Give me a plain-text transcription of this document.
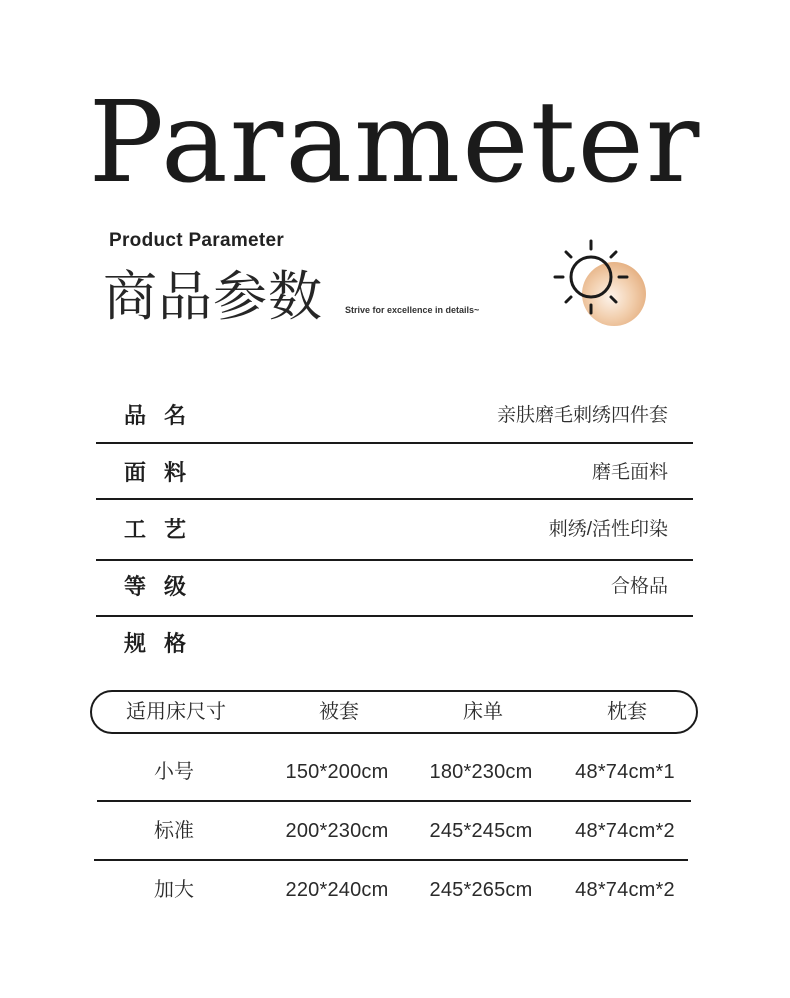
Parameter
Product Parameter
商品参数 Strive for excellence in details~
品名	亲肤磨毛刺绣四件套
面料	磨毛面料
工艺	刺绣/活性印染
等级	合格品
规格
适用床尺寸	被套	床单	枕套
小号	150*200cm	180*230cm	48*74cm*1
标准	200*230cm	245*245cm	48*74cm*2
加大	220*240cm	245*265cm	48*74cm*2
